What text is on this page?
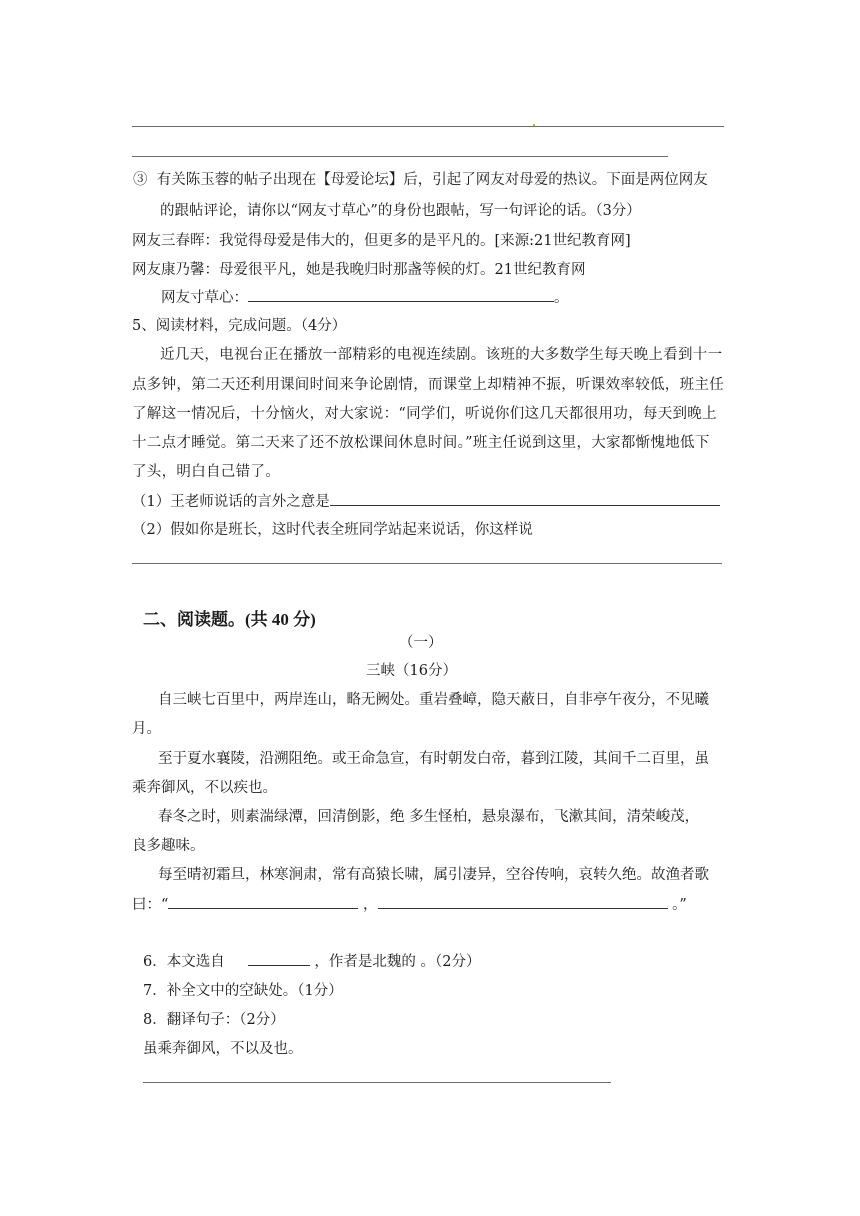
③ 有关陈玉蓉的帖子出现在【母爱论坛】后，引起了网友对母爱的热议。下面是两位网友
的跟帖评论，请你以“网友寸草心”的身份也跟帖，写一句评论的话。（3分）
网友三春晖：我觉得母爱是伟大的，但更多的是平凡的。[来源:21世纪教育网]
网友康乃馨：母爱很平凡，她是我晚归时那盏等候的灯。21世纪教育网
网友寸草心：	。
5、阅读材料，完成问题。（4分）
近几天，电视台正在播放一部精彩的电视连续剧。该班的大多数学生每天晚上看到十一
点多钟，第二天还利用课间时间来争论剧情，而课堂上却精神不振，听课效率较低，班主任
了解这一情况后，十分恼火，对大家说：“同学们，听说你们这几天都很用功，每天到晚上
十二点才睡觉。第二天来了还不放松课间休息时间。”班主任说到这里，大家都惭愧地低下
了头，明白自己错了。
（1）王老师说话的言外之意是
（2）假如你是班长，这时代表全班同学站起来说话，你这样说
二、阅读题。(共 40 分)
（一）
三峡（16分）
自三峡七百里中，两岸连山，略无阙处。重岩叠嶂，隐天蔽日，自非亭午夜分，不见曦
月。
至于夏水襄陵，沿溯阻绝。或王命急宣，有时朝发白帝，暮到江陵，其间千二百里，虽
乘奔御风，不以疾也。
春冬之时，则素湍绿潭，回清倒影，绝 多生怪柏，悬泉瀑布，飞漱其间，清荣峻茂，
良多趣味。
每至晴初霜旦，林寒涧肃，常有高猿长啸，属引凄异，空谷传响，哀转久绝。故渔者歌
曰：“	，	。”
6．本文选自	，作者是北魏的 。（2分）
7．补全文中的空缺处。（1分）
8．翻译句子：（2分）
虽乘奔御风，不以及也。
